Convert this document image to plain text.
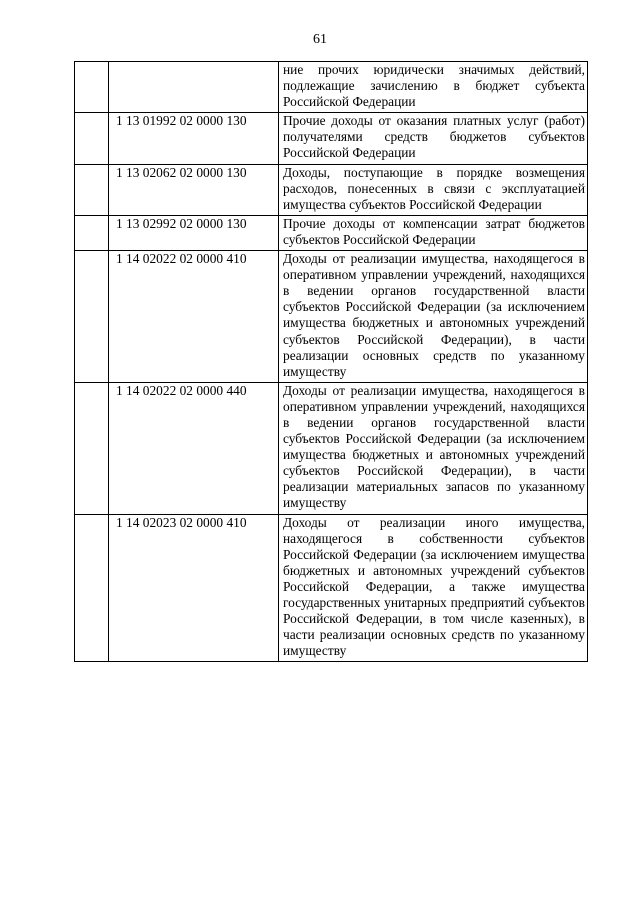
61
		ние прочих юридически значимых действий, подлежащие зачислению в бюджет субъекта Российской Федерации
	1 13 01992 02 0000 130	Прочие доходы от оказания платных услуг (работ) получателями средств бюджетов субъектов Российской Федерации
	1 13 02062 02 0000 130	Доходы, поступающие в порядке возмещения расходов, понесенных в связи с эксплуатацией имущества субъектов Российской Федерации
	1 13 02992 02 0000 130	Прочие доходы от компенсации затрат бюджетов субъектов Российской Федерации
	1 14 02022 02 0000 410	Доходы от реализации имущества, находящегося в оперативном управлении учреждений, находящихся в ведении органов государственной власти субъектов Российской Федерации (за исключением имущества бюджетных и автономных учреждений субъектов Российской Федерации), в части реализации основных средств по указанному имуществу
	1 14 02022 02 0000 440	Доходы от реализации имущества, находящегося в оперативном управлении учреждений, находящихся в ведении органов государственной власти субъектов Российской Федерации (за исключением имущества бюджетных и автономных учреждений субъектов Российской Федерации), в части реализации материальных запасов по указанному имуществу
	1 14 02023 02 0000 410	Доходы от реализации иного имущества, находящегося в собственности субъектов Российской Федерации (за исключением имущества бюджетных и автономных учреждений субъектов Российской Федерации, а также имущества государственных унитарных предприятий субъектов Российской Федерации, в том числе казенных), в части реализации основных средств по указанному имуществу
